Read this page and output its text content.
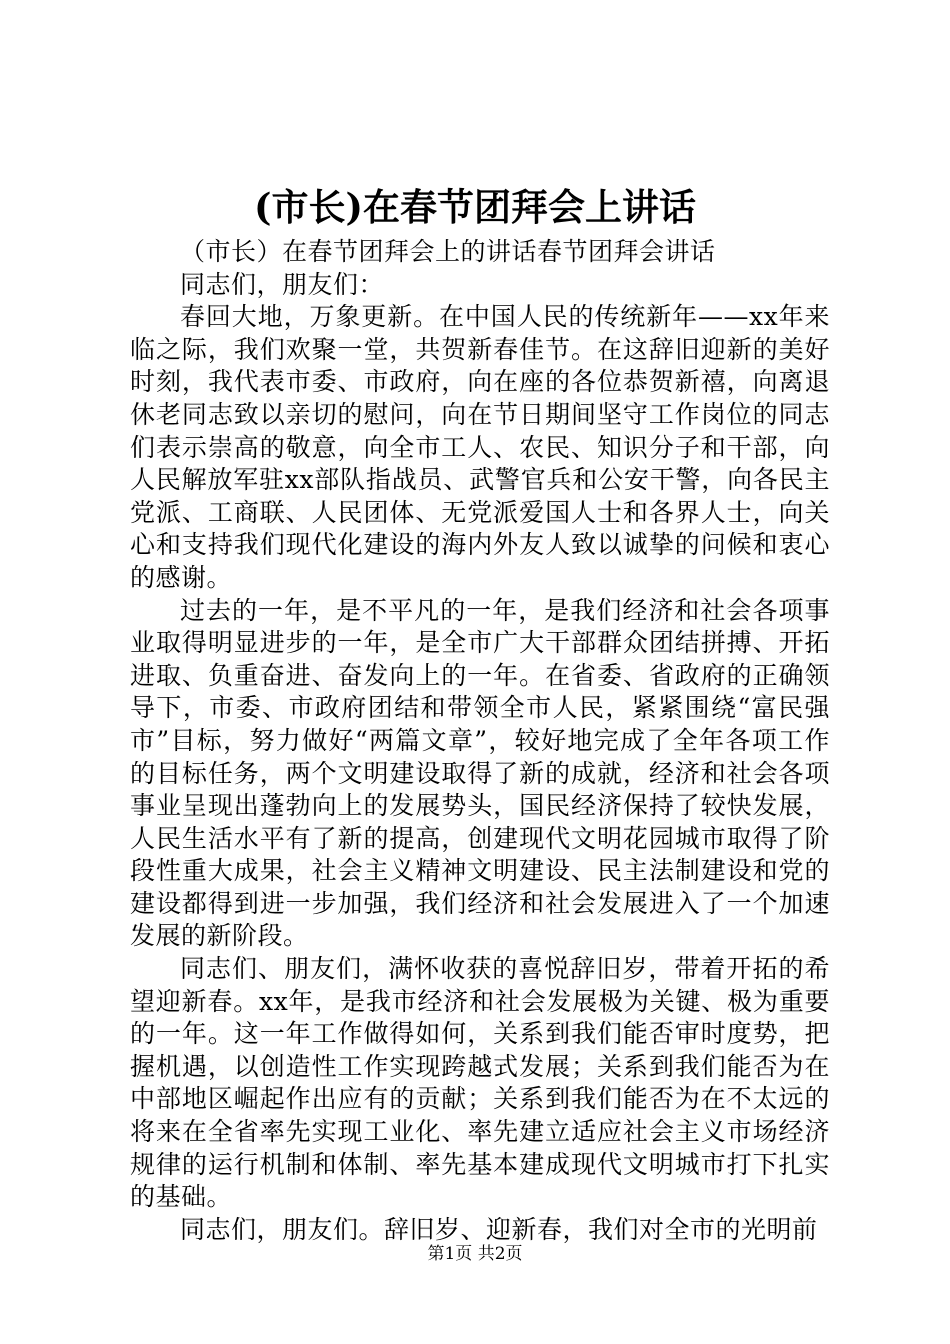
(市长)在春节团拜会上讲话

（市长）在春节团拜会上的讲话春节团拜会讲话

同志们，朋友们：

春回大地，万象更新。在中国人民的传统新年——xx年来临之际，我们欢聚一堂，共贺新春佳节。在这辞旧迎新的美好时刻，我代表市委、市政府，向在座的各位恭贺新禧，向离退休老同志致以亲切的慰问，向在节日期间坚守工作岗位的同志们表示崇高的敬意，向全市工人、农民、知识分子和干部，向人民解放军驻xx部队指战员、武警官兵和公安干警，向各民主党派、工商联、人民团体、无党派爱国人士和各界人士，向关心和支持我们现代化建设的海内外友人致以诚挚的问候和衷心的感谢。

过去的一年，是不平凡的一年，是我们经济和社会各项事业取得明显进步的一年，是全市广大干部群众团结拼搏、开拓进取、负重奋进、奋发向上的一年。在省委、省政府的正确领导下，市委、市政府团结和带领全市人民，紧紧围绕“富民强市”目标，努力做好“两篇文章”，较好地完成了全年各项工作的目标任务，两个文明建设取得了新的成就，经济和社会各项事业呈现出蓬勃向上的发展势头，国民经济保持了较快发展，人民生活水平有了新的提高，创建现代文明花园城市取得了阶段性重大成果，社会主义精神文明建设、民主法制建设和党的建设都得到进一步加强，我们经济和社会发展进入了一个加速发展的新阶段。

同志们、朋友们，满怀收获的喜悦辞旧岁，带着开拓的希望迎新春。xx年，是我市经济和社会发展极为关键、极为重要的一年。这一年工作做得如何，关系到我们能否审时度势，把握机遇，以创造性工作实现跨越式发展；关系到我们能否为在中部地区崛起作出应有的贡献；关系到我们能否为在不太远的将来在全省率先实现工业化、率先建立适应社会主义市场经济规律的运行机制和体制、率先基本建成现代文明城市打下扎实的基础。

同志们，朋友们。辞旧岁、迎新春，我们对全市的光明前

第1页 共2页
